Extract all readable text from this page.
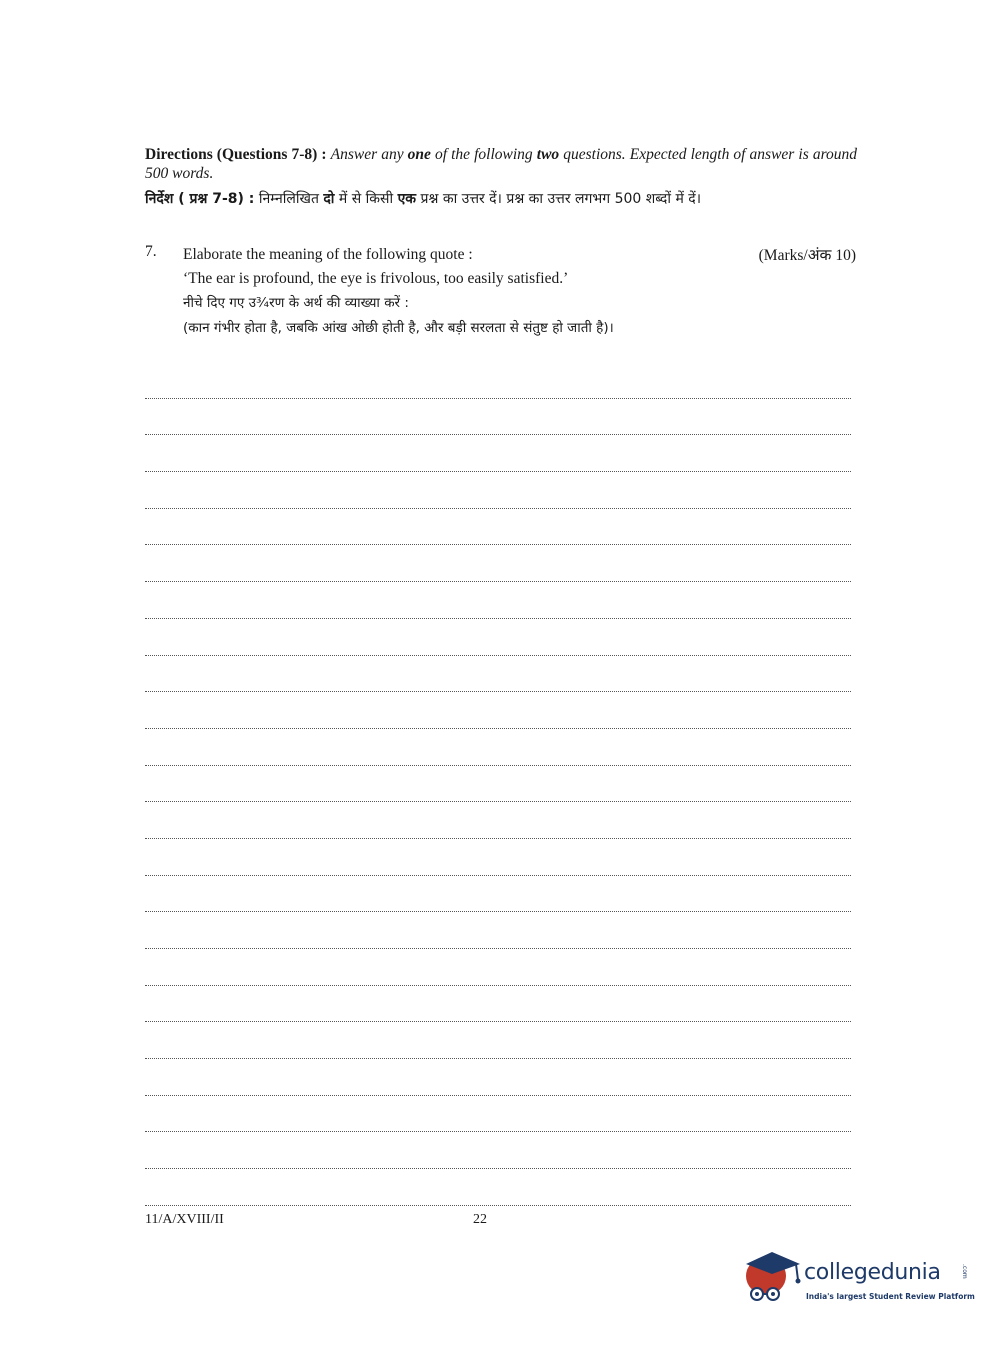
Directions (Questions 7-8) : Answer any one of the following two questions. Expected length of answer is around 500 words.
निर्देश ( प्रश्न 7-8) : निम्नलिखित दो में से किसी एक प्रश्न का उत्तर दें। प्रश्न का उत्तर लगभग 500 शब्दों में दें।
7.	(Marks/अंक 10)
Elaborate the meaning of the following quote :
‘The ear is profound, the eye is frivolous, too easily satisfied.’
नीचे दिए गए उ¾रण के अर्थ की व्याख्या करें :
(कान गंभीर होता है, जबकि आंख ओछी होती है, और बड़ी सरलता से संतुष्ट हो जाती है)।
11/A/XVIII/II	22
collegedunia	.com
India's largest Student Review Platform
